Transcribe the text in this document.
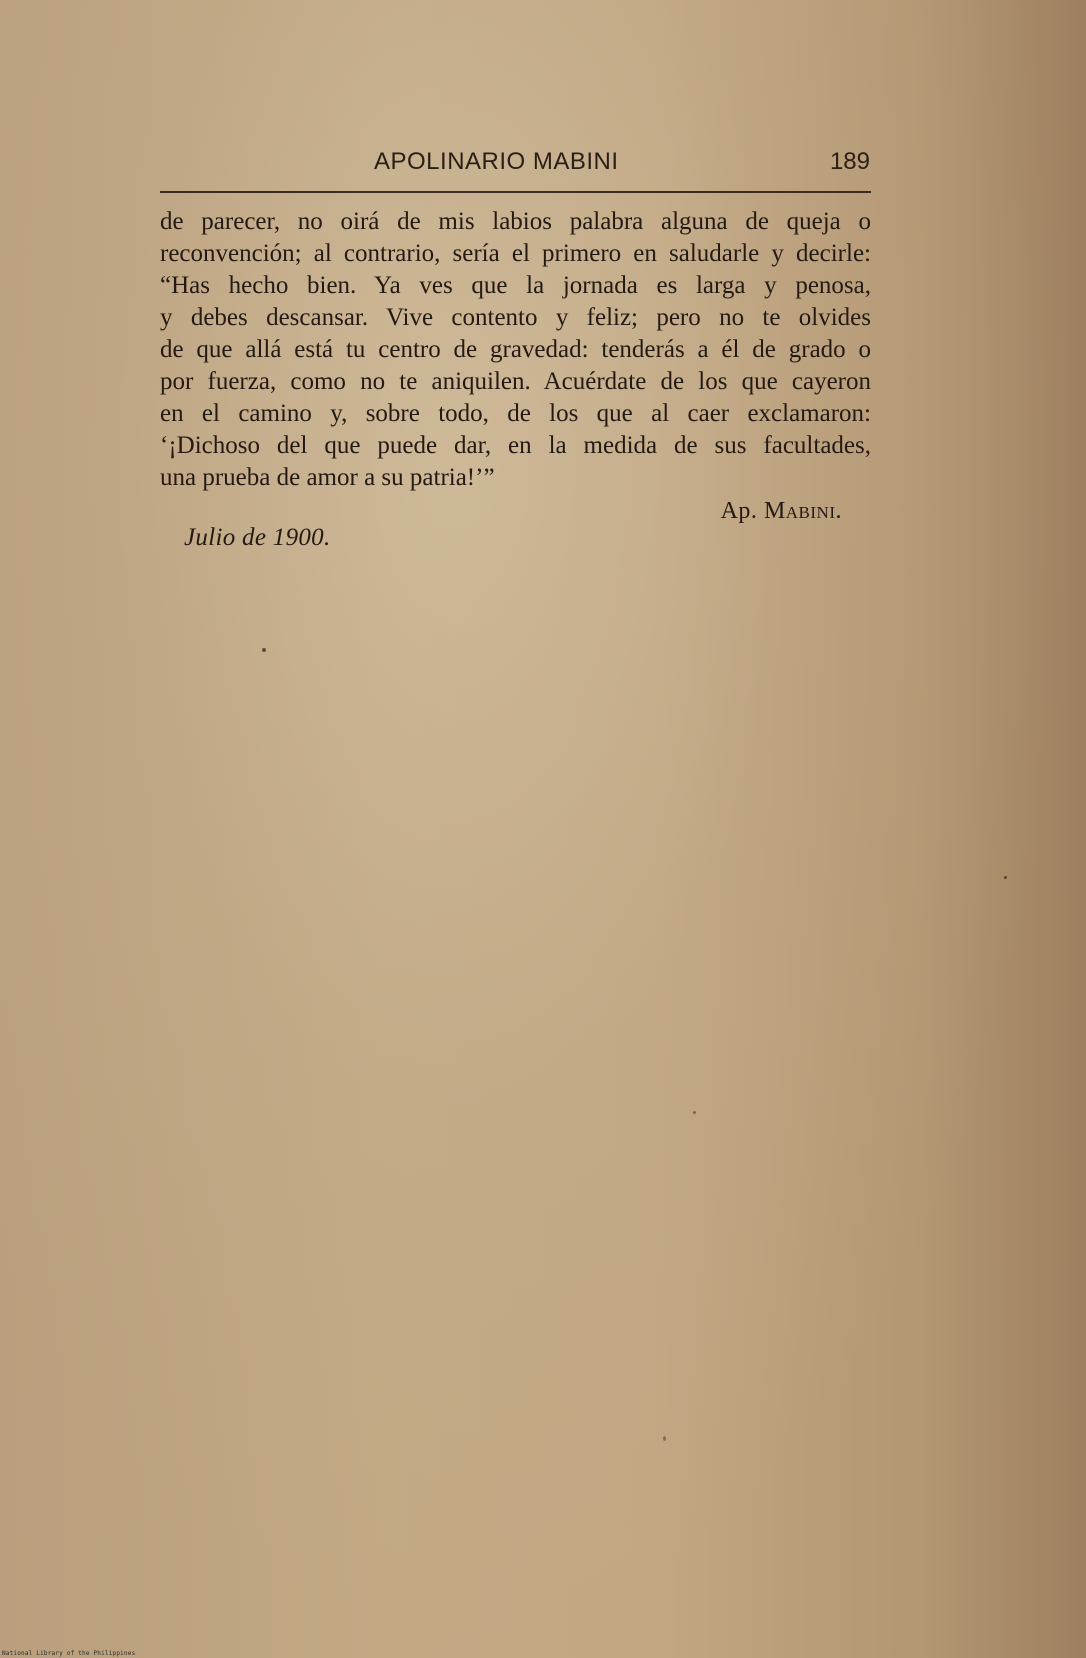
APOLINARIO MABINI	189
de parecer, no oirá de mis labios palabra alguna de queja o
reconvención; al contrario, sería el primero en saludarle y decirle:
“Has hecho bien. Ya ves que la jornada es larga y penosa,
y debes descansar. Vive contento y feliz; pero no te olvides
de que allá está tu centro de gravedad: tenderás a él de grado o
por fuerza, como no te aniquilen. Acuérdate de los que cayeron
en el camino y, sobre todo, de los que al caer exclamaron:
‘¡Dichoso del que puede dar, en la medida de sus facultades,
una prueba de amor a su patria!’”
Ap. Mabini.
Julio de 1900.
National Library of the Philippines
